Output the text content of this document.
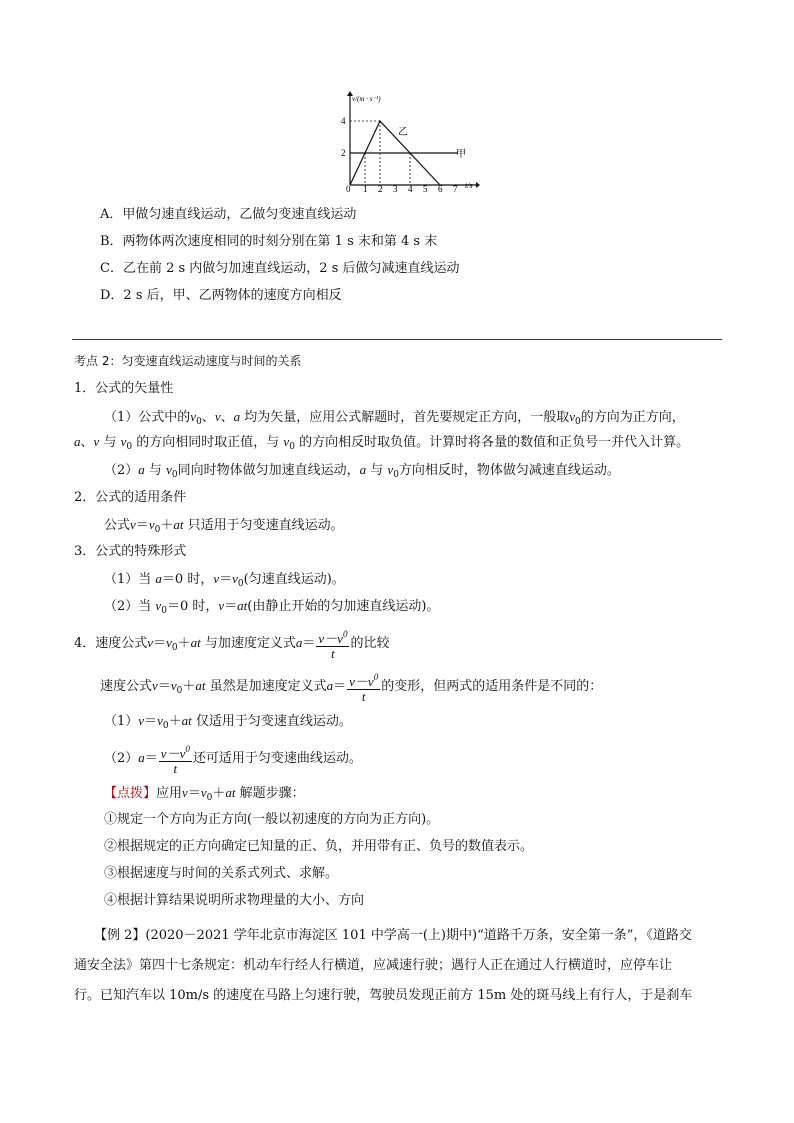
v/(m · s⁻¹)
4
2
0 1 2 3 4 5 6 7 t/s
乙
甲
A．甲做匀速直线运动，乙做匀变速直线运动
B．两物体两次速度相同的时刻分别在第 1 s 末和第 4 s 末
C．乙在前 2 s 内做匀加速直线运动，2 s 后做匀减速直线运动
D．2 s 后，甲、乙两物体的速度方向相反
考点 2：匀变速直线运动速度与时间的关系
1．公式的矢量性
（1）公式中的$v_0$、v、a 均为矢量，应用公式解题时，首先要规定正方向，一般取$v_0$的方向为正方向，
a、v 与 $v_0$ 的方向相同时取正值，与 $v_0$ 的方向相反时取负值。计算时将各量的数值和正负号一并代入计算。
（2）a 与 $v_0$同向时物体做匀加速直线运动，a 与 $v_0$方向相反时，物体做匀减速直线运动。
2．公式的适用条件
公式$v=v_0+at$ 只适用于匀变速直线运动。
3．公式的特殊形式
（1）当 a＝0 时，$v=v_0$(匀速直线运动)。
（2）当 $v_0=0$ 时，v＝at(由静止开始的匀加速直线运动)。
4．速度公式$v=v_0+at$ 与加速度定义式$a= \frac{v-v^0}{t}$ 的比较
速度公式$v=v_0+at$ 虽然是加速度定义式$a= \frac{v-v^0}{t}$ 的变形，但两式的适用条件是不同的：
$(1)v=v_0+at$ 仅适用于匀变速直线运动。
$(2)a= \frac{v-v^0}{t}$ 还可适用于匀变速曲线运动。
【点拨】应用$v=v_0+at$ 解题步骤：
①规定一个方向为正方向(一般以初速度的方向为正方向)。
②根据规定的正方向确定已知量的正、负，并用带有正、负号的数值表示。
③根据速度与时间的关系式列式、求解。
④根据计算结果说明所求物理量的大小、方向
【例 2】(2020－2021 学年北京市海淀区 101 中学高一(上)期中)“道路千万条，安全第一条”，《道路交
通安全法》第四十七条规定：机动车行经人行横道，应减速行驶；遇行人正在通过人行横道时，应停车让
行。已知汽车以 10m/s 的速度在马路上匀速行驶，驾驶员发现正前方 15m 处的斑马线上有行人，于是刹车
